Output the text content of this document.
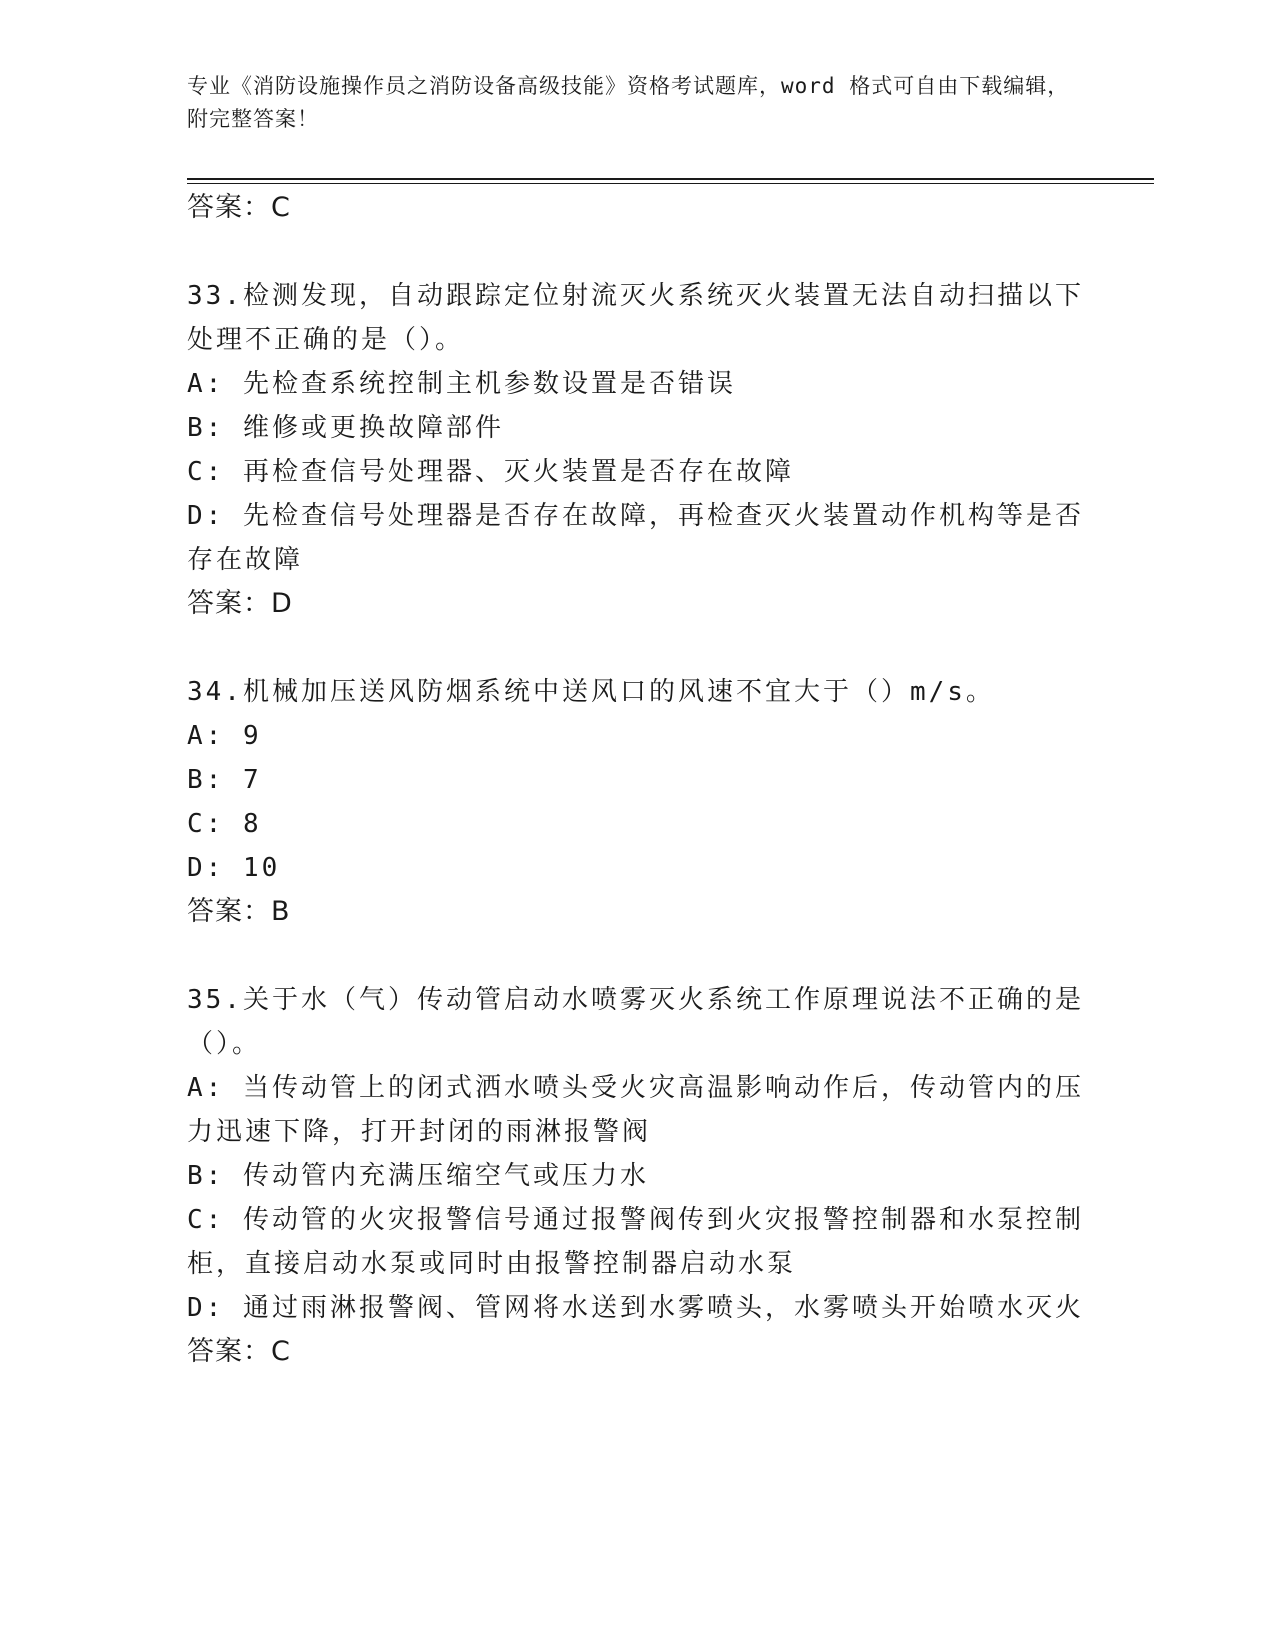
专业《消防设施操作员之消防设备高级技能》资格考试题库，word 格式可自由下载编辑，附完整答案！
答案：C
33.检测发现，自动跟踪定位射流灭火系统灭火装置无法自动扫描以下
处理不正确的是（）。
A: 先检查系统控制主机参数设置是否错误
B: 维修或更换故障部件
C: 再检查信号处理器、灭火装置是否存在故障
D: 先检查信号处理器是否存在故障，再检查灭火装置动作机构等是否
存在故障
答案：D
34.机械加压送风防烟系统中送风口的风速不宜大于（）m/s。
A: 9
B: 7
C: 8
D: 10
答案：B
35.关于水（气）传动管启动水喷雾灭火系统工作原理说法不正确的是
（）。
A: 当传动管上的闭式洒水喷头受火灾高温影响动作后，传动管内的压
力迅速下降，打开封闭的雨淋报警阀
B: 传动管内充满压缩空气或压力水
C: 传动管的火灾报警信号通过报警阀传到火灾报警控制器和水泵控制
柜，直接启动水泵或同时由报警控制器启动水泵
D: 通过雨淋报警阀、管网将水送到水雾喷头，水雾喷头开始喷水灭火
答案：C
